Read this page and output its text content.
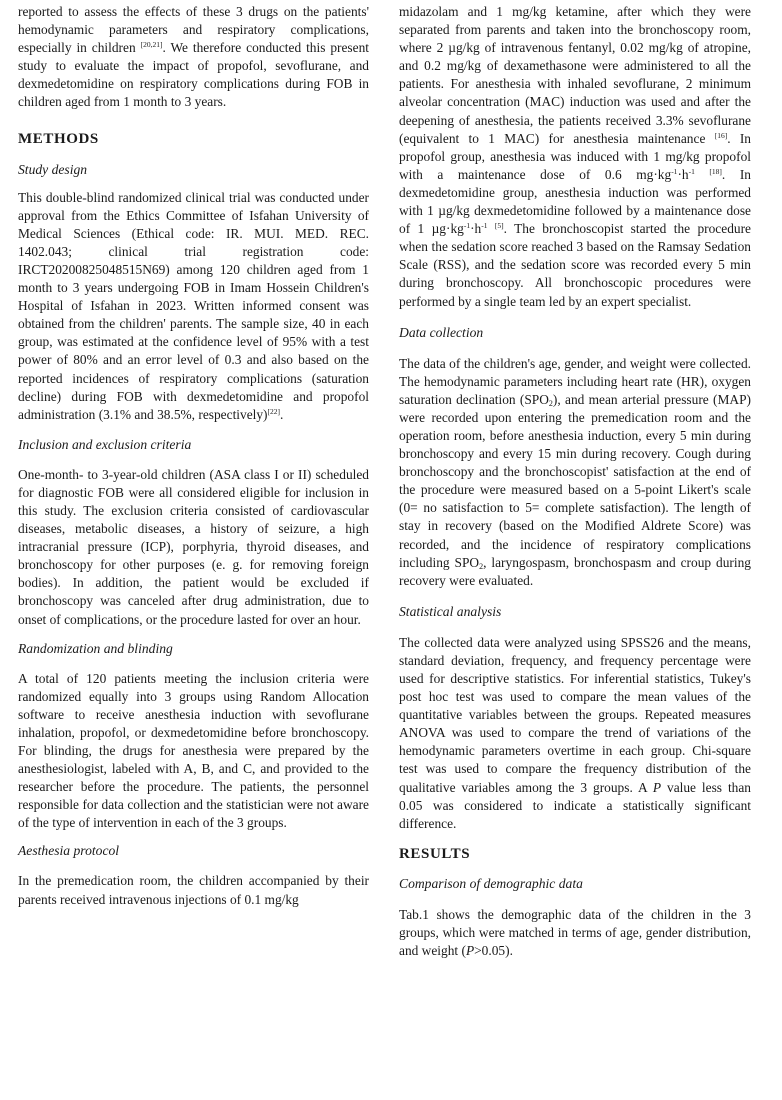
reported to assess the effects of these 3 drugs on the patients' hemodynamic parameters and respiratory complications, especially in children [20,21]. We therefore conducted this present study to evaluate the impact of propofol, sevoflurane, and dexmedetomidine on respiratory complications during FOB in children aged from 1 month to 3 years.

METHODS
Study design

This double-blind randomized clinical trial was conducted under approval from the Ethics Committee of Isfahan University of Medical Sciences (Ethical code: IR. MUI. MED. REC. 1402.043; clinical trial registration code: IRCT20200825048515N69) among 120 children aged from 1 month to 3 years undergoing FOB in Imam Hossein Children's Hospital of Isfahan in 2023. Written informed consent was obtained from the children' parents. The sample size, 40 in each group, was estimated at the confidence level of 95% with a test power of 80% and an error level of 0.3 and also based on the reported incidences of respiratory complications (saturation decline) during FOB with dexmedetomidine and propofol administration (3.1% and 38.5%, respectively)[22].

Inclusion and exclusion criteria

One-month- to 3-year-old children (ASA class I or II) scheduled for diagnostic FOB were all considered eligible for inclusion in this study. The exclusion criteria consisted of cardiovascular diseases, metabolic diseases, a history of seizure, a high intracranial pressure (ICP), porphyria, thyroid diseases, and bronchoscopy for other purposes (e. g. for removing foreign bodies). In addition, the patient would be excluded if bronchoscopy was canceled after drug administration, due to onset of complications, or the procedure lasted for over an hour.

Randomization and blinding

A total of 120 patients meeting the inclusion criteria were randomized equally into 3 groups using Random Allocation software to receive anesthesia induction with sevoflurane inhalation, propofol, or dexmedetomidine before bronchoscopy. For blinding, the drugs for anesthesia were prepared by the anesthesiologist, labeled with A, B, and C, and provided to the researcher before the procedure. The patients, the personnel responsible for data collection and the statistician were not aware of the type of intervention in each of the 3 groups.

Aesthesia protocol

In the premedication room, the children accompanied by their parents received intravenous injections of 0.1 mg/kg

midazolam and 1 mg/kg ketamine, after which they were separated from parents and taken into the bronchoscopy room, where 2 µg/kg of intravenous fentanyl, 0.02 mg/kg of atropine, and 0.2 mg/kg of dexamethasone were administered to all the patients. For anesthesia with inhaled sevoflurane, 2 minimum alveolar concentration (MAC) induction was used and after the deepening of anesthesia, the patients received 3.3% sevoflurane (equivalent to 1 MAC) for anesthesia maintenance [16]. In propofol group, anesthesia was induced with 1 mg/kg propofol with a maintenance dose of 0.6 $mg\cdot kg^{-1}\cdot h^{-1}$ [18]. In dexmedetomidine group, anesthesia induction was performed with 1 µg/kg dexmedetomidine followed by a maintenance dose of 1 $\mu g\cdot kg^{-1}\cdot h^{-1}$ [5]. The bronchoscopist started the procedure when the sedation score reached 3 based on the Ramsay Sedation Scale (RSS), and the sedation score was recorded every 5 min during bronchoscopy. All bronchoscopic procedures were performed by a single team led by an expert specialist.

Data collection

The data of the children's age, gender, and weight were collected. The hemodynamic parameters including heart rate (HR), oxygen saturation declination $(SPO_2)$, and mean arterial pressure (MAP) were recorded upon entering the premedication room and the operation room, before anesthesia induction, every 5 min during bronchoscopy and every 15 min during recovery. Cough during bronchoscopy and the bronchoscopist' satisfaction at the end of the procedure were measured based on a 5-point Likert's scale (0= no satisfaction to 5= complete satisfaction). The length of stay in recovery (based on the Modified Aldrete Score) was recorded, and the incidence of respiratory complications including $SPO_2$, laryngospasm, bronchospasm and croup during recovery were evaluated.

Statistical analysis

The collected data were analyzed using SPSS26 and the means, standard deviation, frequency, and frequency percentage were used for descriptive statistics. For inferential statistics, Tukey's post hoc test was used to compare the mean values of the quantitative variables between the groups. Repeated measures ANOVA was used to compare the trend of variations of the hemodynamic parameters overtime in each group. Chi-square test was used to compare the frequency distribution of the qualitative variables among the 3 groups. A P value less than 0.05 was considered to indicate a statistically significant difference.

RESULTS
Comparison of demographic data

Tab.1 shows the demographic data of the children in the 3 groups, which were matched in terms of age, gender distribution, and weight (P>0.05).
